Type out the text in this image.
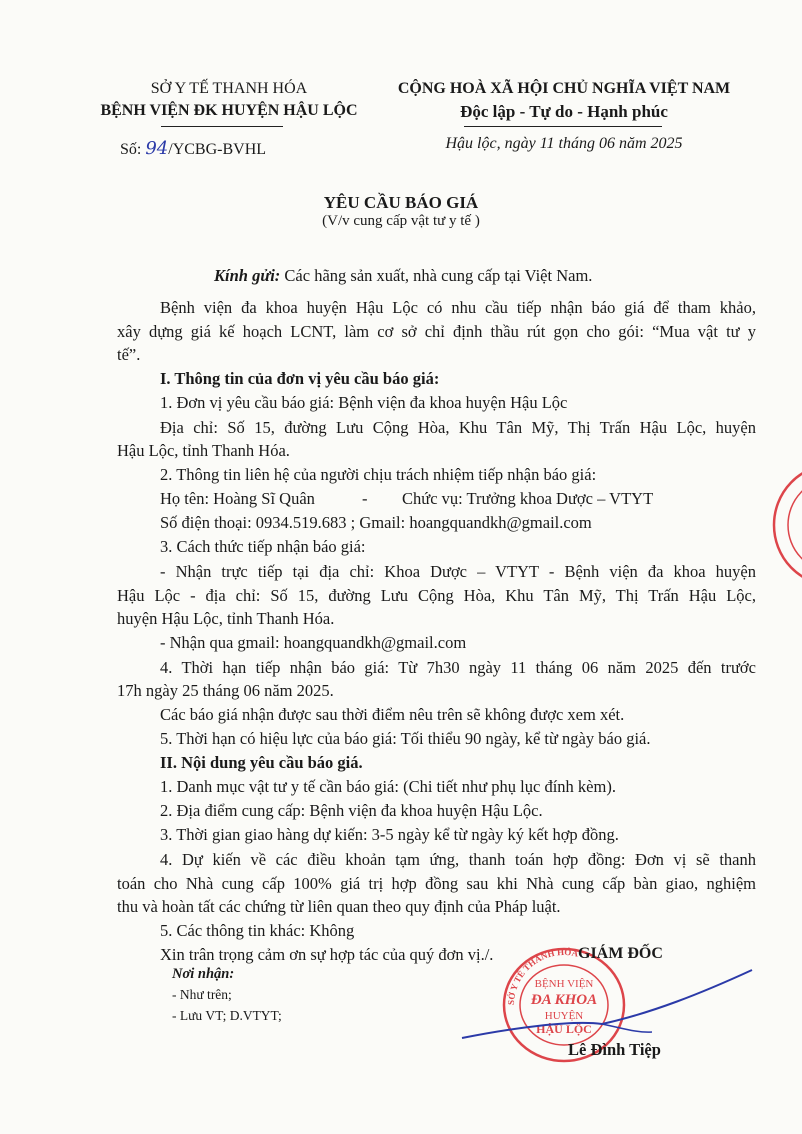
SỞ Y TẾ THANH HÓA
BỆNH VIỆN ĐK HUYỆN HẬU LỘC
Số: 94/YCBG-BVHL
CỘNG HOÀ XÃ HỘI CHỦ NGHĨA VIỆT NAM
Độc lập - Tự do - Hạnh phúc
Hậu lộc, ngày 11 tháng 06 năm 2025
YÊU CẦU BÁO GIÁ
(V/v cung cấp vật tư y tế )
Kính gửi: Các hãng sản xuất, nhà cung cấp tại Việt Nam.
Bệnh viện đa khoa huyện Hậu Lộc có nhu cầu tiếp nhận báo giá để tham khảo,
xây dựng giá kế hoạch LCNT, làm cơ sở chỉ định thầu rút gọn cho gói: “Mua vật tư y
tế”.
I. Thông tin của đơn vị yêu cầu báo giá:
1. Đơn vị yêu cầu báo giá: Bệnh viện đa khoa huyện Hậu Lộc
Địa chỉ: Số 15, đường Lưu Cộng Hòa, Khu Tân Mỹ, Thị Trấn Hậu Lộc, huyện
Hậu Lộc, tỉnh Thanh Hóa.
2. Thông tin liên hệ của người chịu trách nhiệm tiếp nhận báo giá:
Họ tên: Hoàng Sĩ Quân	- Chức vụ: Trưởng khoa Dược – VTYT
Số điện thoại: 0934.519.683 ; Gmail: hoangquandkh@gmail.com
3. Cách thức tiếp nhận báo giá:
- Nhận trực tiếp tại địa chỉ: Khoa Dược – VTYT - Bệnh viện đa khoa huyện
Hậu Lộc - địa chỉ: Số 15, đường Lưu Cộng Hòa, Khu Tân Mỹ, Thị Trấn Hậu Lộc,
huyện Hậu Lộc, tỉnh Thanh Hóa.
- Nhận qua gmail: hoangquandkh@gmail.com
4. Thời hạn tiếp nhận báo giá: Từ 7h30 ngày 11 tháng 06 năm 2025 đến trước
17h ngày 25 tháng 06 năm 2025.
Các báo giá nhận được sau thời điểm nêu trên sẽ không được xem xét.
5. Thời hạn có hiệu lực của báo giá: Tối thiểu 90 ngày, kể từ ngày báo giá.
II. Nội dung yêu cầu báo giá.
1. Danh mục vật tư y tế cần báo giá: (Chi tiết như phụ lục đính kèm).
2. Địa điểm cung cấp: Bệnh viện đa khoa huyện Hậu Lộc.
3. Thời gian giao hàng dự kiến: 3-5 ngày kể từ ngày ký kết hợp đồng.
4. Dự kiến về các điều khoản tạm ứng, thanh toán hợp đồng: Đơn vị sẽ thanh
toán cho Nhà cung cấp 100% giá trị hợp đồng sau khi Nhà cung cấp bàn giao, nghiệm
thu và hoàn tất các chứng từ liên quan theo quy định của Pháp luật.
5. Các thông tin khác: Không
Xin trân trọng cảm ơn sự hợp tác của quý đơn vị./.
Nơi nhận:
- Như trên;
- Lưu VT; D.VTYT;
SỞ Y TẾ THANH HÓA
BỆNH VIỆN
ĐA KHOA
HUYỆN
HẬU LỘC
GIÁM ĐỐC
Lê Đình Tiệp
